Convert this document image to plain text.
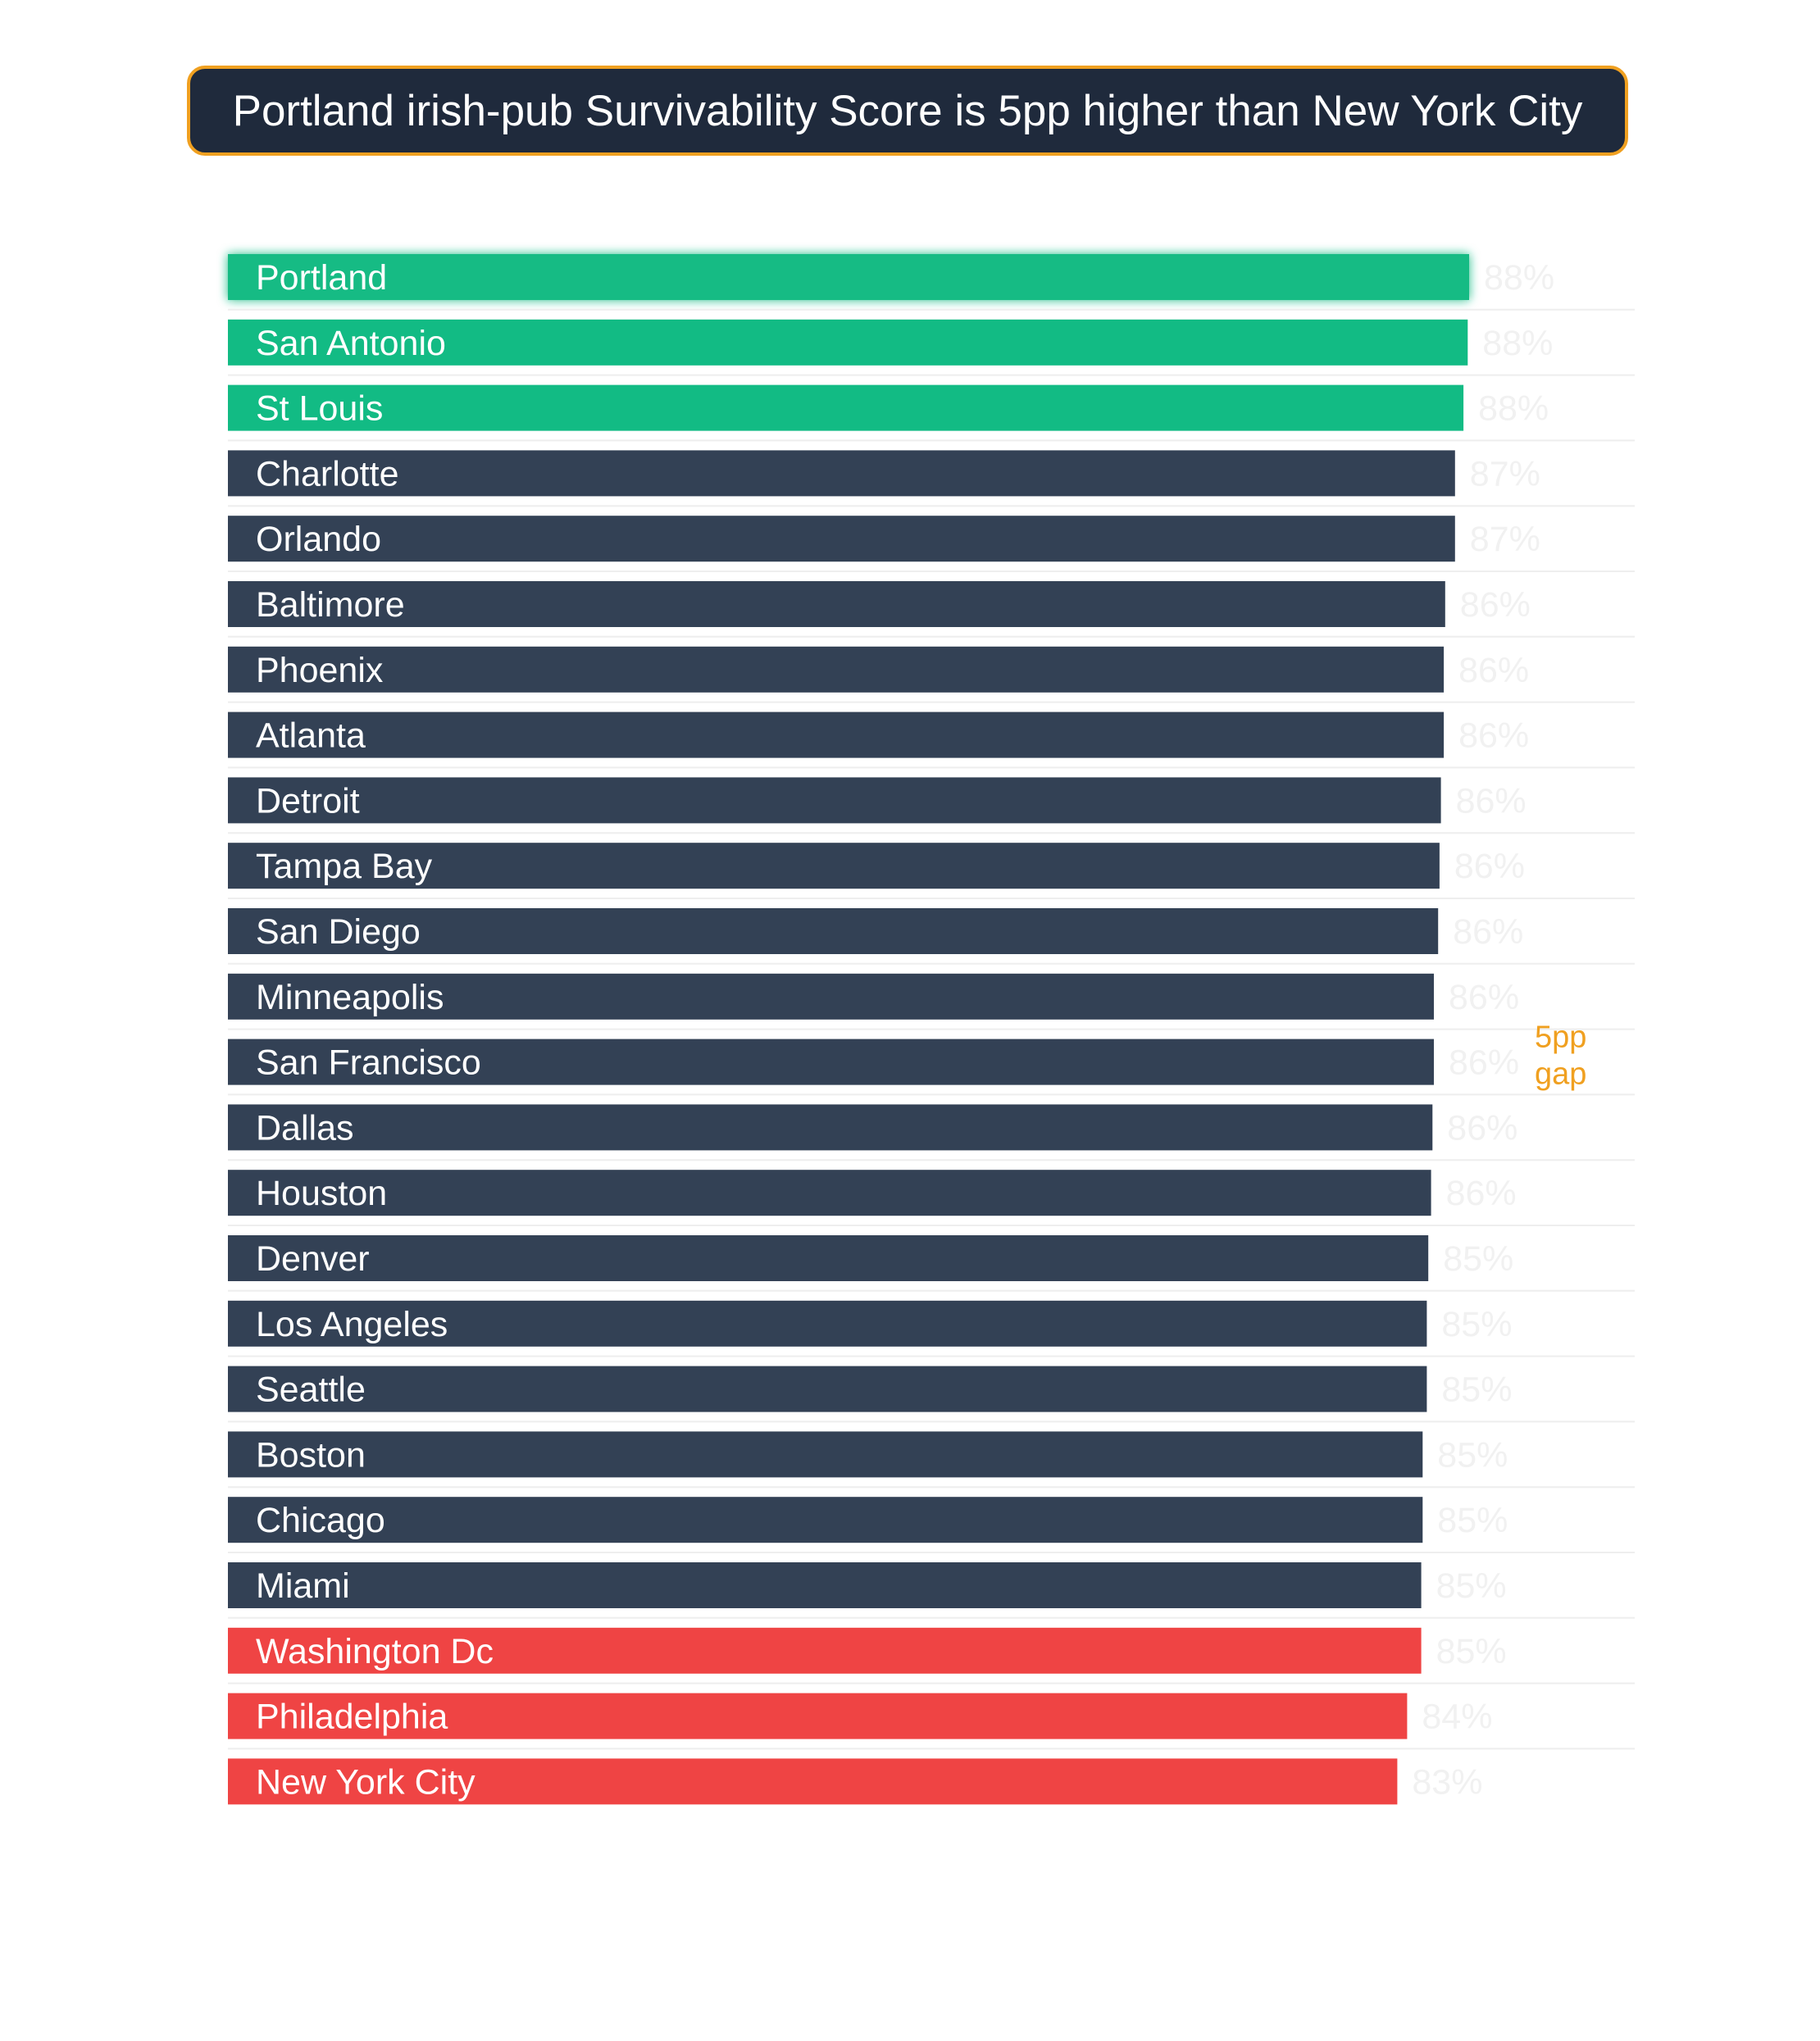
Portland irish-pub Survivability Score is 5pp higher than New York City
Portland	88%
San Antonio	88%
St Louis	88%
Charlotte	87%
Orlando	87%
Baltimore	86%
Phoenix	86%
Atlanta	86%
Detroit	86%
Tampa Bay	86%
San Diego	86%
Minneapolis	86%
San Francisco	86%
Dallas	86%
Houston	86%
Denver	85%
Los Angeles	85%
Seattle	85%
Boston	85%
Chicago	85%
Miami	85%
Washington Dc	85%
Philadelphia	84%
New York City	83%
5pp
gap
